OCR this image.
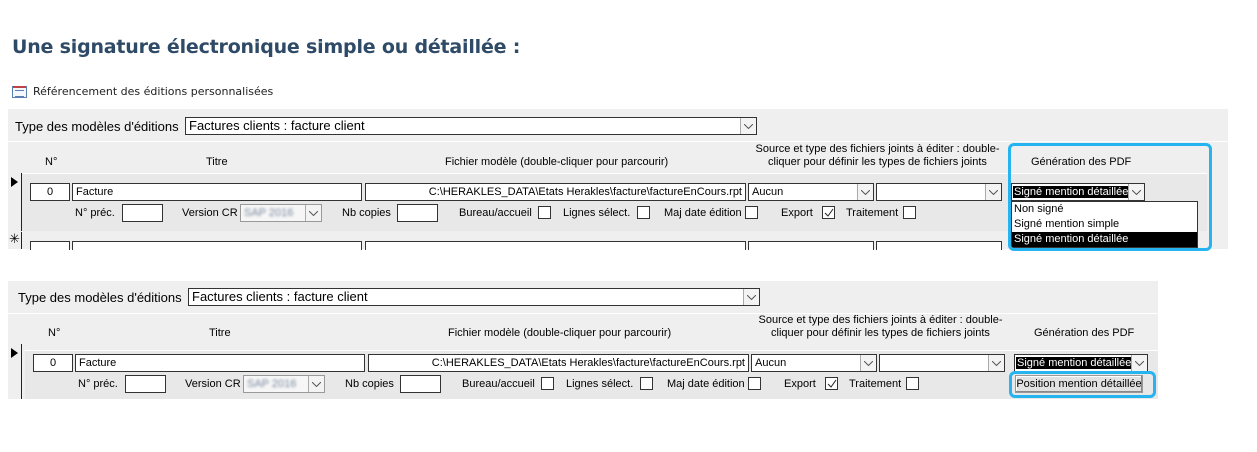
Une signature électronique simple ou détaillée :
Référencement des éditions personnalisées
Type des modèles d'éditions Factures clients : facture client
N°	Titre	Fichier modèle (double-cliquer pour parcourir)
Source et type des fichiers joints à éditer : double-cliquer pour définir les types de fichiers joints	Génération des PDF
✳
0	Facture	C:\HERAKLES_DATA\Etats Herakles\facture\factureEnCours.rpt Aucun	Signé mention détaillée
N° préc.	Version CR SAP 2016	Nb copies	Bureau/accueil	Lignes sélect.	Maj date édition	Export	Traitement	Non signé
Signé mention simple
Signé mention détaillée
Type des modèles d'éditions Factures clients : facture client
N°	Titre	Fichier modèle (double-cliquer pour parcourir)
Source et type des fichiers joints à éditer : double-cliquer pour définir les types de fichiers joints	Génération des PDF
0	Facture	C:\HERAKLES_DATA\Etats Herakles\facture\factureEnCours.rpt Aucun	Signé mention détaillée
N° préc.	Version CR SAP 2016	Nb copies	Bureau/accueil	Lignes sélect.	Maj date édition	Export	Traitement	Position mention détaillée
